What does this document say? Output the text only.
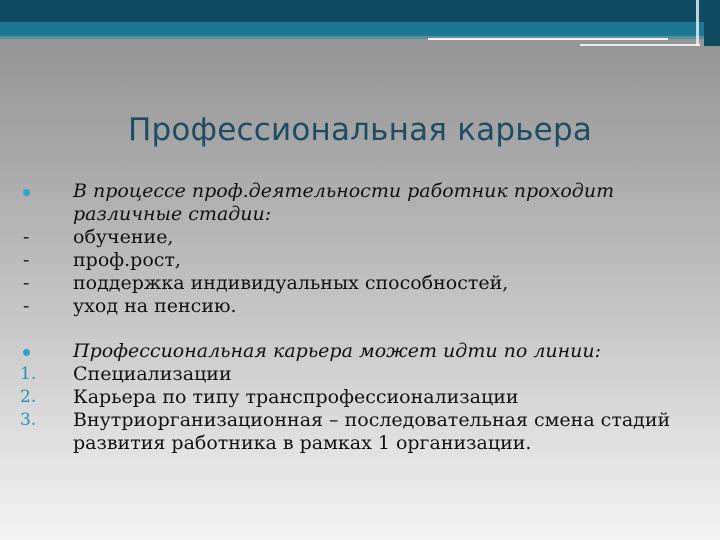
Профессиональная карьера
В процессе проф.деятельности работник проходит различные стадии:
- обучение,
- проф.рост,
- поддержка индивидуальных способностей,
- уход на пенсию.
Профессиональная карьера может идти по линии:
1. Специализации
2. Карьера по типу транспрофессионализации
3. Внутриорганизационная – последовательная смена стадий развития работника в рамках 1 организации.
